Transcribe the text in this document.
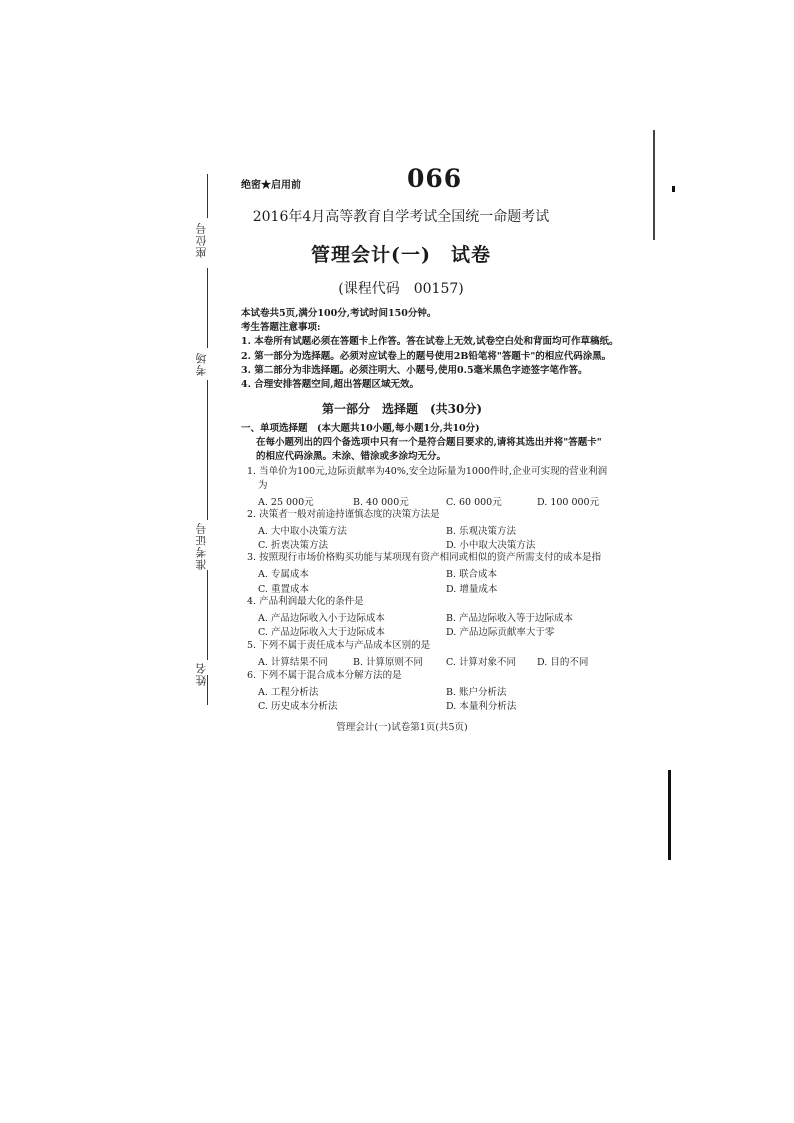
座位号
考场
准考证号
姓名
绝密★启用前	066
2016年4月高等教育自学考试全国统一命题考试
管理会计(一)　试卷
(课程代码　00157)
本试卷共5页,满分100分,考试时间150分钟。
考生答题注意事项:
1. 本卷所有试题必须在答题卡上作答。答在试卷上无效,试卷空白处和背面均可作草稿纸。
2. 第一部分为选择题。必须对应试卷上的题号使用2B铅笔将"答题卡"的相应代码涂黑。
3. 第二部分为非选择题。必须注明大、小题号,使用0.5毫米黑色字迹签字笔作答。
4. 合理安排答题空间,超出答题区域无效。
第一部分　选择题　(共30分)
一、单项选择题　(本大题共10小题,每小题1分,共10分)
在每小题列出的四个备选项中只有一个是符合题目要求的,请将其选出并将"答题卡"
的相应代码涂黑。未涂、错涂或多涂均无分。
1. 当单价为100元,边际贡献率为40%,安全边际量为1000件时,企业可实现的营业利润
为
A. 25 000元	B. 40 000元	C. 60 000元	D. 100 000元
2. 决策者一般对前途持谨慎态度的决策方法是
A. 大中取小决策方法	B. 乐观决策方法
C. 折衷决策方法	D. 小中取大决策方法
3. 按照现行市场价格购买功能与某项现有资产相同或相似的资产所需支付的成本是指
A. 专属成本	B. 联合成本
C. 重置成本	D. 增量成本
4. 产品利润最大化的条件是
A. 产品边际收入小于边际成本	B. 产品边际收入等于边际成本
C. 产品边际收入大于边际成本	D. 产品边际贡献率大于零
5. 下列不属于责任成本与产品成本区别的是
A. 计算结果不同	B. 计算原则不同 C. 计算对象不同 D. 目的不同
6. 下列不属于混合成本分解方法的是
A. 工程分析法	B. 账户分析法
C. 历史成本分析法	D. 本量利分析法
管理会计(一)试卷第1页(共5页)
